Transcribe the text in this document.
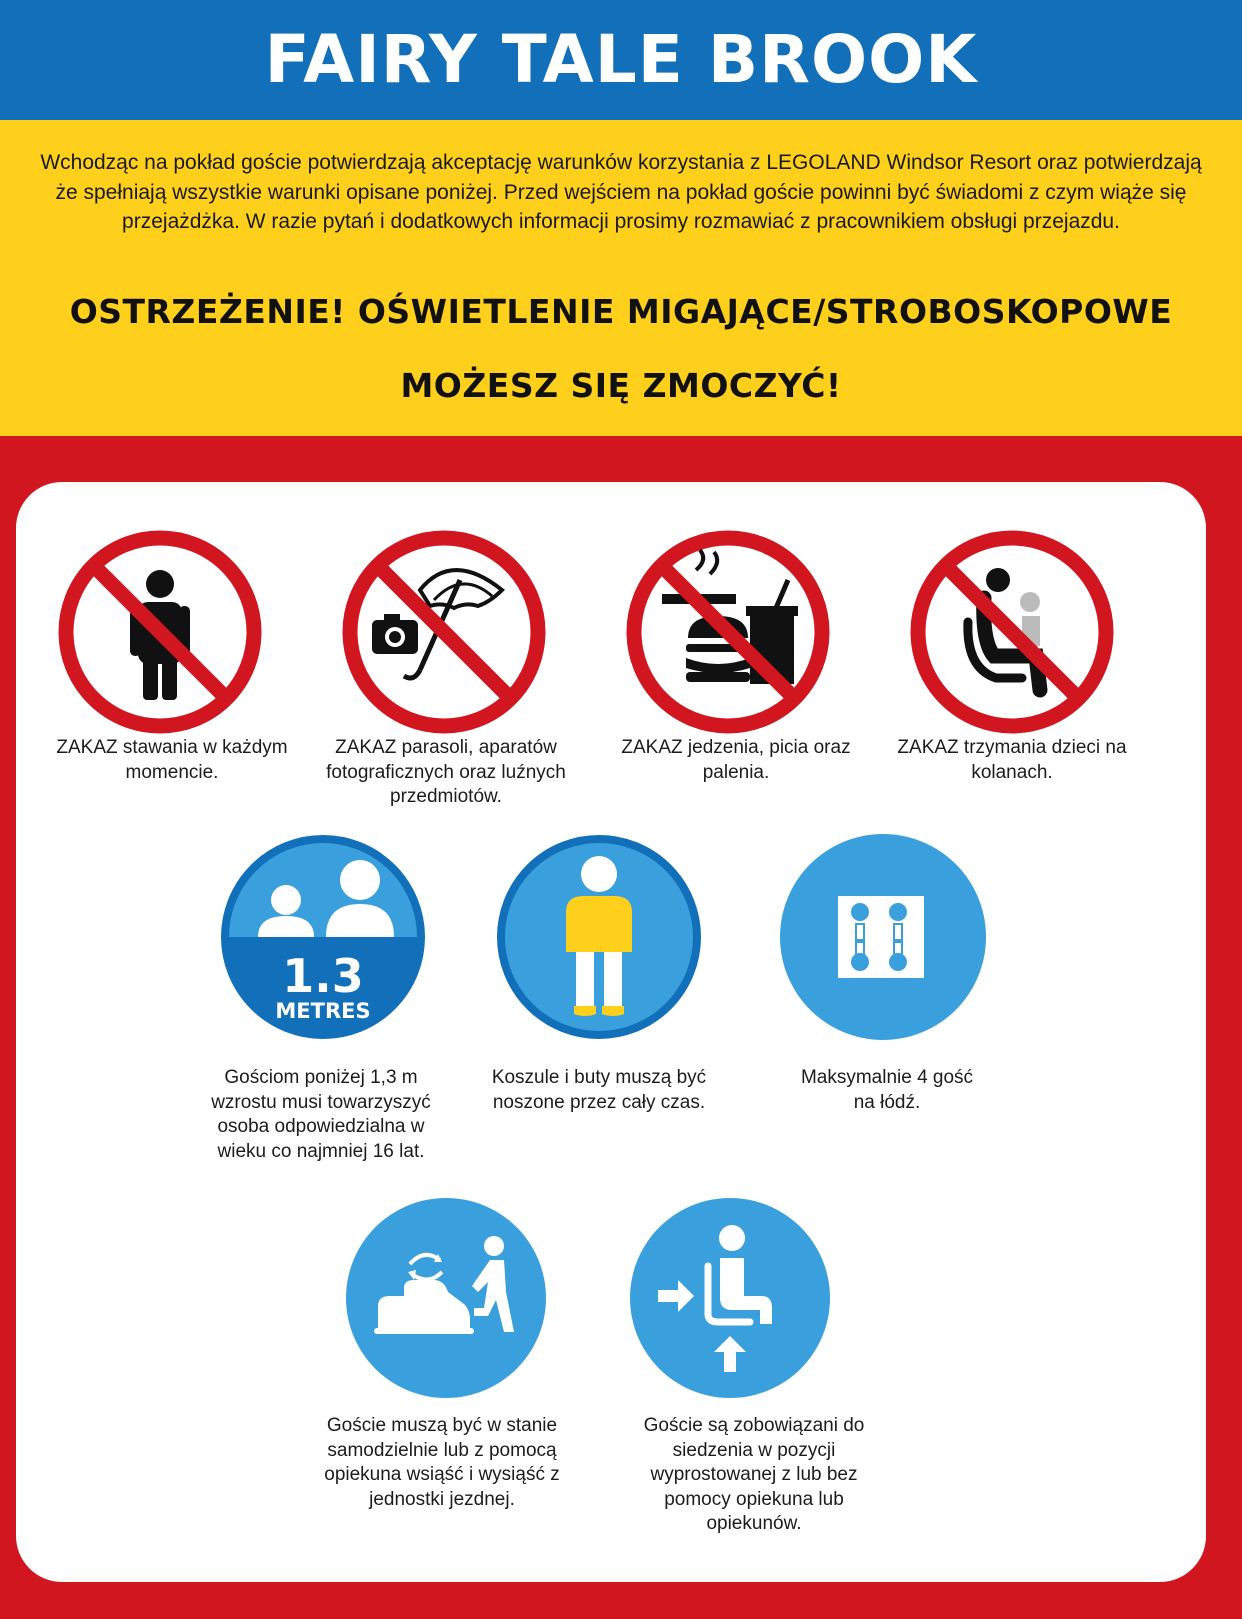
FAIRY TALE BROOK
Wchodząc na pokład goście potwierdzają akceptację warunków korzystania z LEGOLAND Windsor Resort oraz potwierdzają że spełniają wszystkie warunki opisane poniżej. Przed wejściem na pokład goście powinni być świadomi z czym wiąże się przejażdżka. W razie pytań i dodatkowych informacji prosimy rozmawiać z pracownikiem obsługi przejazdu.
OSTRZEŻENIE! OŚWIETLENIE MIGAJĄCE/STROBOSKOPOWE
MOŻESZ SIĘ ZMOCZYĆ!
ZAKAZ stawania w każdym momencie.
ZAKAZ parasoli, aparatów fotograficznych oraz luźnych przedmiotów.
ZAKAZ jedzenia, picia oraz palenia.
ZAKAZ trzymania dzieci na kolanach.
1.3
METRES
Gościom poniżej 1,3 m wzrostu musi towarzyszyć osoba odpowiedzialna w wieku co najmniej 16 lat.
Koszule i buty muszą być noszone przez cały czas.
Maksymalnie 4 gość na łódź.
Goście muszą być w stanie samodzielnie lub z pomocą opiekuna wsiąść i wysiąść z jednostki jezdnej.
Goście są zobowiązani do siedzenia w pozycji wyprostowanej z lub bez pomocy opiekuna lub opiekunów.
